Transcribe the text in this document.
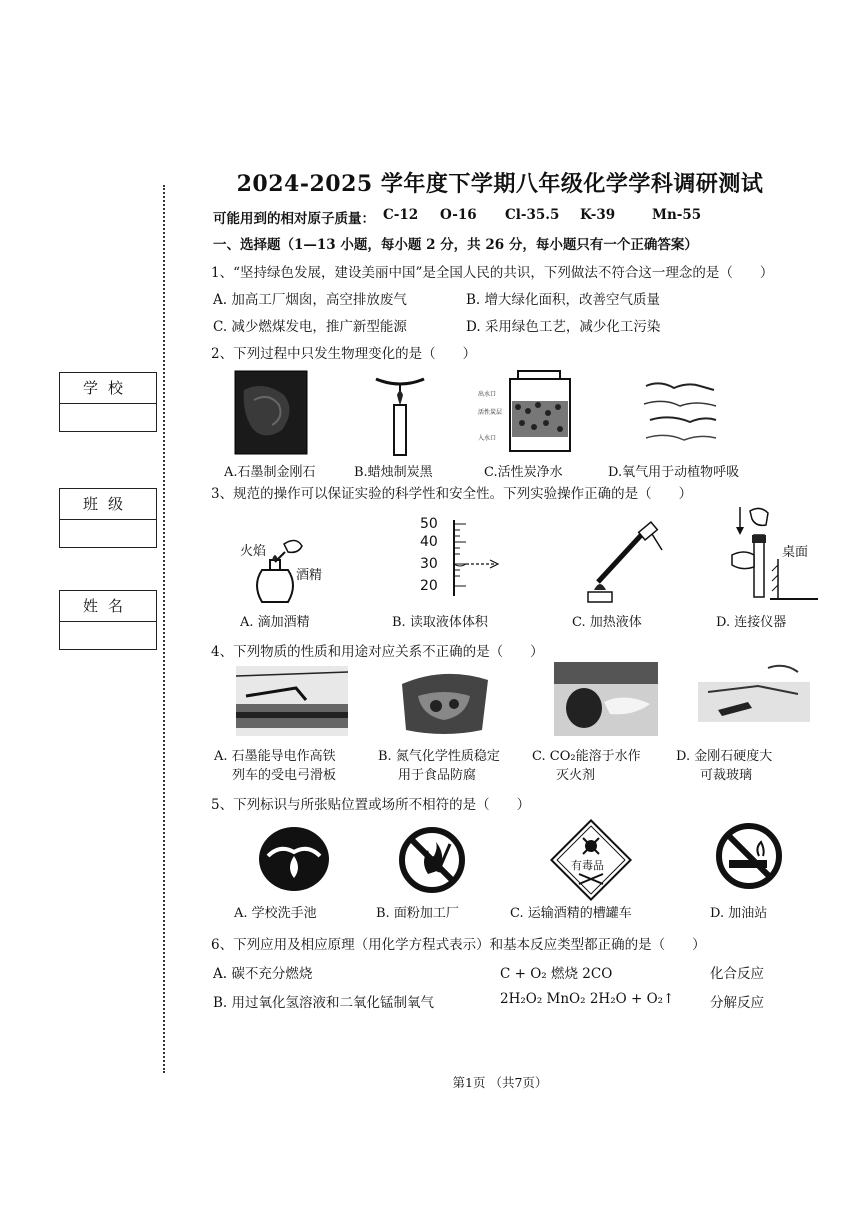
2024-2025 学年度下学期八年级化学学科调研测试
可能用到的相对原子质量： C-12 O-16 Cl-35.5 K-39	Mn-55
学校
班级
姓名
一、选择题（1—13 小题，每小题 2 分，共 26 分，每小题只有一个正确答案）
1、“坚持绿色发展，建设美丽中国”是全国人民的共识，下列做法不符合这一理念的是（　　）
A. 加高工厂烟囱，高空排放废气	B. 增大绿化面积，改善空气质量
C. 减少燃煤发电，推广新型能源	D. 采用绿色工艺，减少化工污染
2、下列过程中只发生物理变化的是（　　）
出水口
活性炭层
入水口
A.石墨制金刚石	B.蜡烛制炭黑	C.活性炭净水	D.氧气用于动植物呼吸
3、规范的操作可以保证实验的科学性和安全性。下列实验操作正确的是（　　）
火焰
酒精
50
40
30
20
桌面
A. 滴加酒精	B. 读取液体体积	C. 加热液体	D. 连接仪器
4、下列物质的性质和用途对应关系不正确的是（　　）
A. 石墨能导电作高铁
列车的受电弓滑板
B. 氮气化学性质稳定
用于食品防腐
C. CO₂能溶于水作
灭火剂
D. 金刚石硬度大
可裁玻璃
5、下列标识与所张贴位置或场所不相符的是（　　）
有毒品
A. 学校洗手池	B. 面粉加工厂	C. 运输酒精的槽罐车	D. 加油站
6、下列应用及相应原理（用化学方程式表示）和基本反应类型都正确的是（　　）
A. 碳不充分燃烧	C + O₂ 燃烧 2CO	化合反应
B. 用过氧化氢溶液和二氧化锰制氧气	2H₂O₂ MnO₂ 2H₂O + O₂↑	分解反应
第1页 （共7页）
